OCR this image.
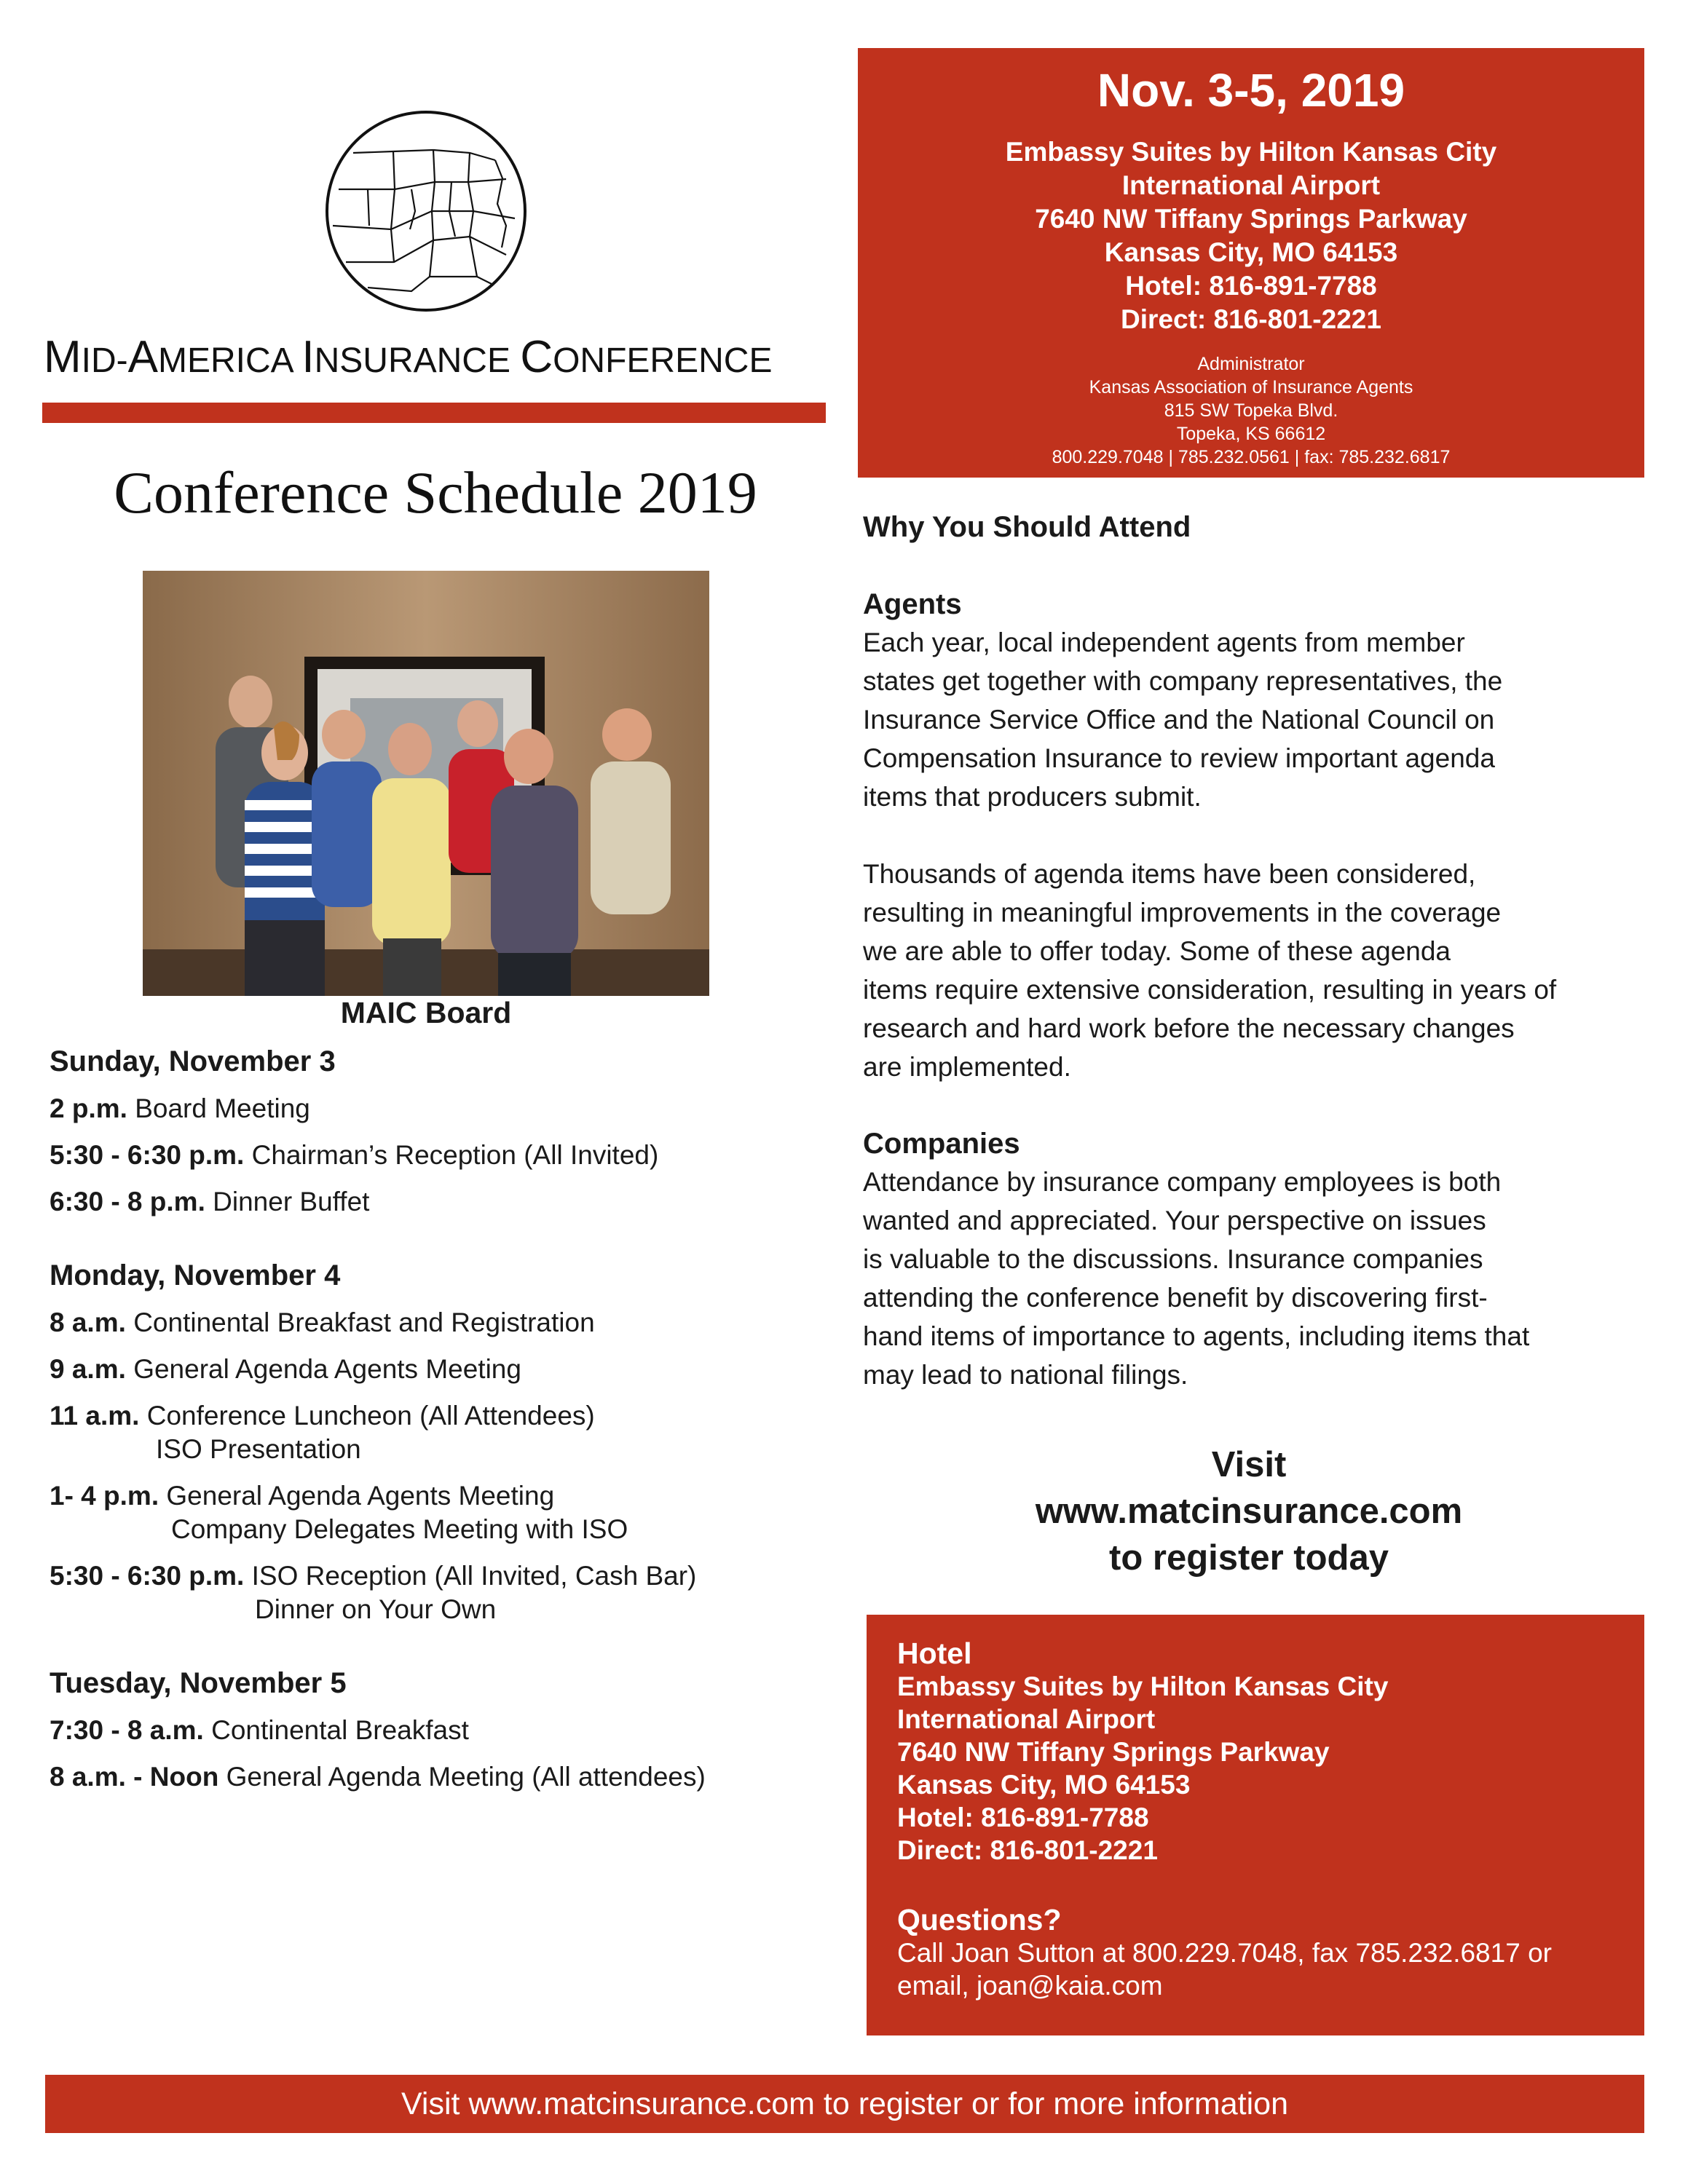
MID-AMERICA INSURANCE CONFERENCE
Conference Schedule 2019
MAIC Board
Sunday, November 3
2 p.m. Board Meeting
5:30 - 6:30 p.m. Chairman’s Reception (All Invited)
6:30 - 8 p.m. Dinner Buffet
Monday, November 4
8 a.m. Continental Breakfast and Registration
9 a.m. General Agenda Agents Meeting
11 a.m. Conference Luncheon (All Attendees)
ISO Presentation
1- 4 p.m. General Agenda Agents Meeting
Company Delegates Meeting with ISO
5:30 - 6:30 p.m. ISO Reception (All Invited, Cash Bar)
Dinner on Your Own
Tuesday, November 5
7:30 - 8 a.m. Continental Breakfast
8 a.m. - Noon General Agenda Meeting (All attendees)
Nov. 3-5, 2019
Embassy Suites by Hilton Kansas City
International Airport
7640 NW Tiffany Springs Parkway
Kansas City, MO 64153
Hotel: 816-891-7788
Direct: 816-801-2221
Administrator
Kansas Association of Insurance Agents
815 SW Topeka Blvd.
Topeka, KS 66612
800.229.7048 | 785.232.0561 | fax: 785.232.6817
Why You Should Attend
Agents
Each year, local independent agents from member
states get together with company representatives, the
Insurance Service Office and the National Council on
Compensation Insurance to review important agenda
items that producers submit.
Thousands of agenda items have been considered,
resulting in meaningful improvements in the coverage
we are able to offer today. Some of these agenda
items require extensive consideration, resulting in years of
research and hard work before the necessary changes
are implemented.
Companies
Attendance by insurance company employees is both
wanted and appreciated. Your perspective on issues
is valuable to the discussions. Insurance companies
attending the conference benefit by discovering first-
hand items of importance to agents, including items that
may lead to national filings.
Visit
www.matcinsurance.com
to register today
Hotel
Embassy Suites by Hilton Kansas City
International Airport
7640 NW Tiffany Springs Parkway
Kansas City, MO 64153
Hotel: 816-891-7788
Direct: 816-801-2221
Questions?
Call Joan Sutton at 800.229.7048, fax 785.232.6817 or
email, joan@kaia.com
Visit www.matcinsurance.com to register or for more information
